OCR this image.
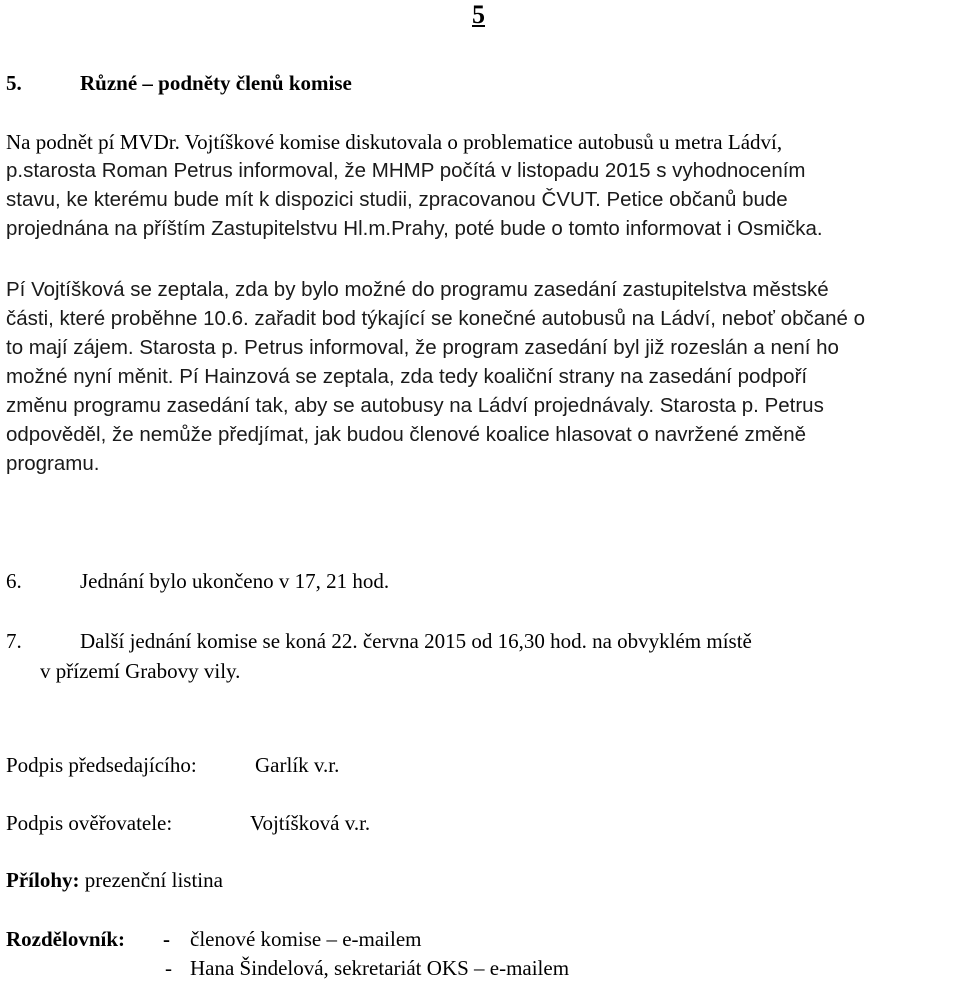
5
5.	Různé – podněty členů komise
Na podnět pí MVDr. Vojtíškové komise diskutovala o problematice autobusů u metra Ládví,
p.starosta Roman Petrus informoval, že MHMP počítá v listopadu 2015 s vyhodnocením
stavu, ke kterému bude mít k dispozici studii, zpracovanou ČVUT. Petice občanů bude
projednána na příštím Zastupitelstvu Hl.m.Prahy, poté bude o tomto informovat i Osmička.
Pí Vojtíšková se zeptala, zda by bylo možné do programu zasedání zastupitelstva městské
části, které proběhne 10.6. zařadit bod týkající se konečné autobusů na Ládví, neboť občané o
to mají zájem. Starosta p. Petrus informoval, že program zasedání byl již rozeslán a není ho
možné nyní měnit. Pí Hainzová se zeptala, zda tedy koaliční strany na zasedání podpoří
změnu programu zasedání tak, aby se autobusy na Ládví projednávaly. Starosta p. Petrus
odpověděl, že nemůže předjímat, jak budou členové koalice hlasovat o navržené změně
programu.
6.	Jednání bylo ukončeno v 17, 21 hod.
7.	Další jednání komise se koná 22. června 2015 od 16,30 hod. na obvyklém místě
v přízemí Grabovy vily.
Podpis předsedajícího:	Garlík v.r.
Podpis ověřovatele:	Vojtíšková v.r.
Přílohy: prezenční listina
Rozdělovník: - členové komise – e-mailem
- Hana Šindelová, sekretariát OKS – e-mailem
